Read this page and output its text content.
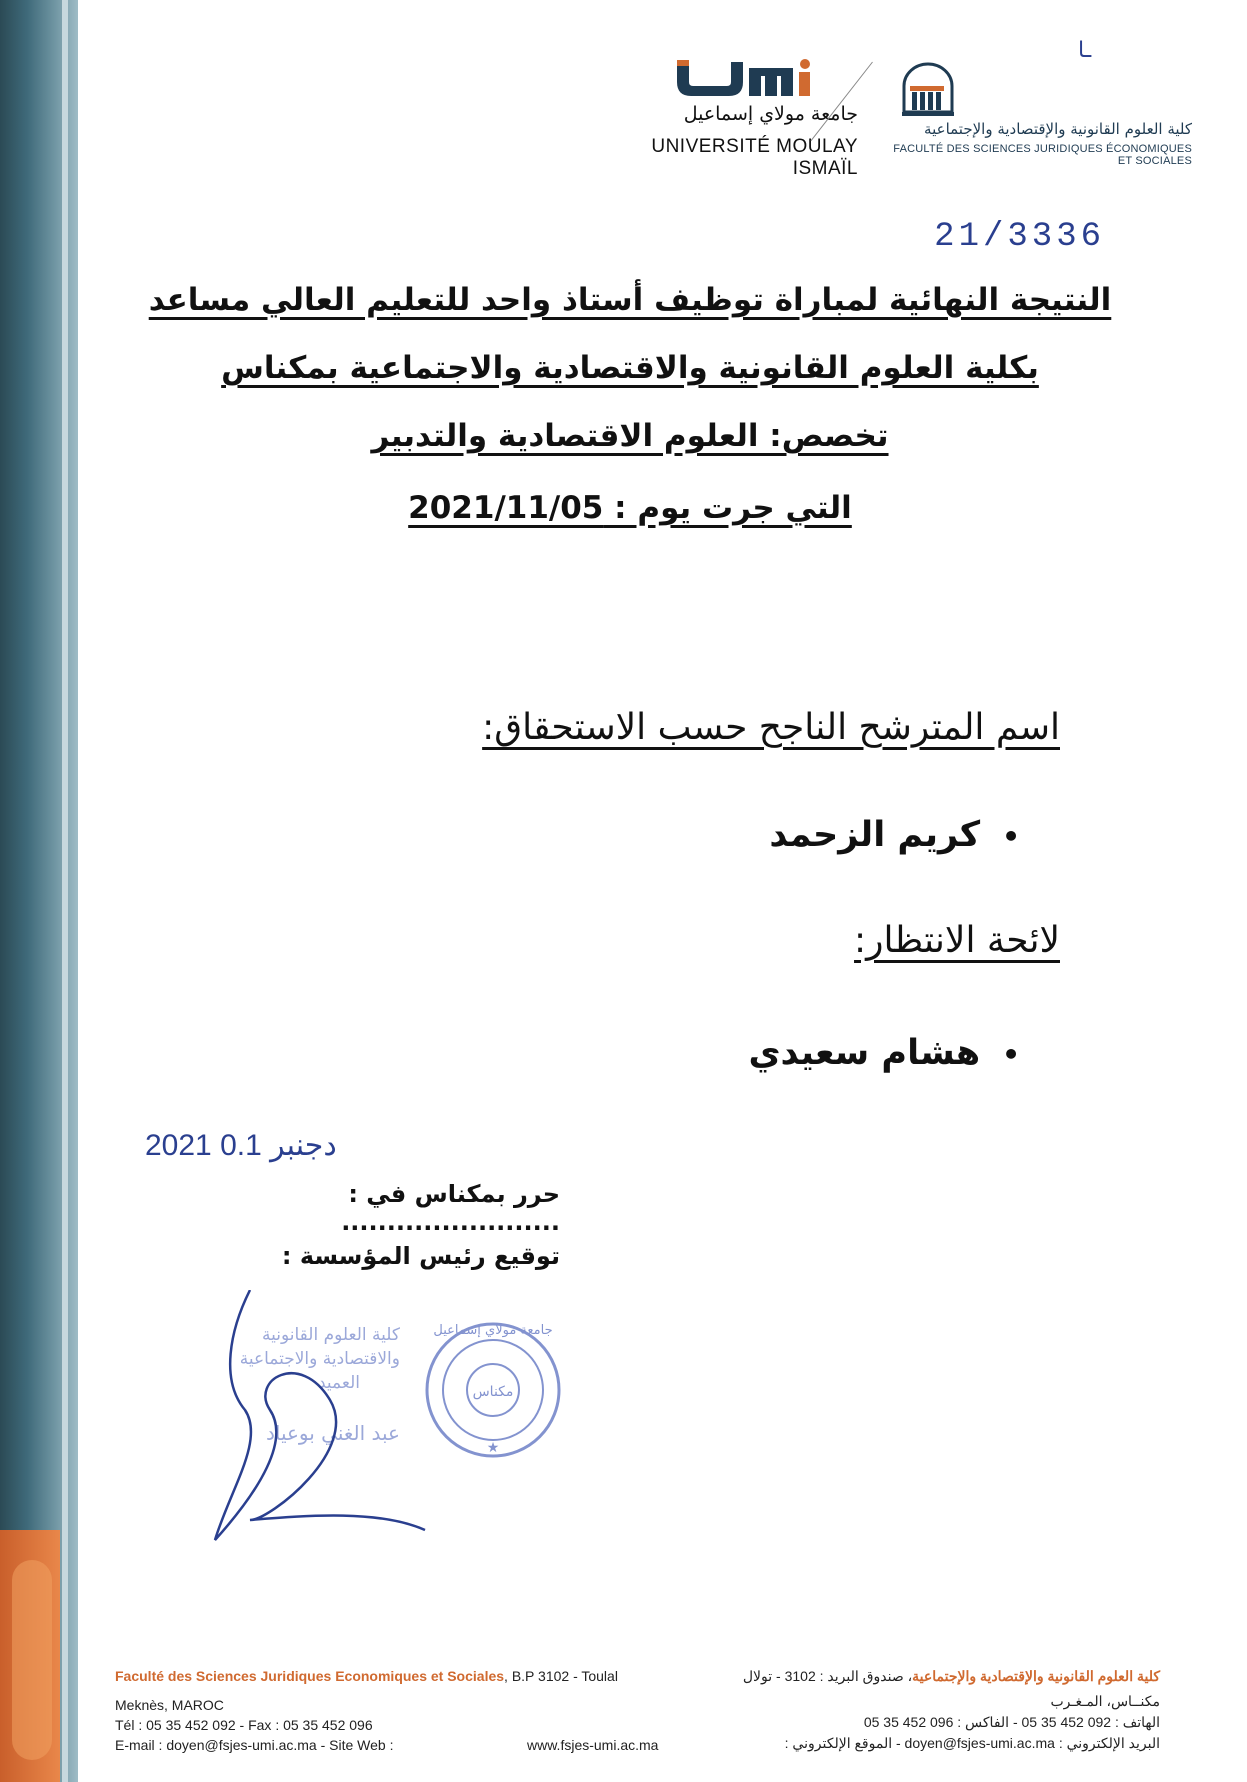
جامعة مولاي إسماعيل
UNIVERSITÉ MOULAY ISMAÏL
كلية العلوم القانونية والإقتصادية والإجتماعية
FACULTÉ DES SCIENCES JURIDIQUES ÉCONOMIQUES ET SOCIALES
ـ‏ا
21/3336
النتيجة النهائية لمباراة توظيف أستاذ واحد للتعليم العالي مساعد
بكلية العلوم القانونية والاقتصادية والاجتماعية بمكناس
تخصص: العلوم الاقتصادية والتدبير
التي جرت يوم : 2021/11/05
اسم المترشح الناجح حسب الاستحقاق:
•كريم الزحمد
لائحة الانتظار:
•هشام سعيدي
2021 دجنبر 0.1
حرر بمكناس في : ........................
توقيع رئيس المؤسسة :
مكناس
جامعة مولاي إسماعيل
★
كلية العلوم القانونية
والاقتصادية والاجتماعية
العميد
عبد الغني بوعياد
Faculté des Sciences Juridiques Economiques et Sociales, B.P 3102 - Toulal
Meknès, MAROC
Tél : 05 35 452 092 - Fax : 05 35 452 096
E-mail : doyen@fsjes-umi.ac.ma - Site Web :	www.fsjes-umi.ac.ma
كلية العلوم القانونية والإقتصادية والإجتماعية، صندوق البريد : 3102 - تولال
مكنــاس، المـغـرب
الهاتف : 092 452 35 05 - الفاكس : 096 452 35 05
البريد الإلكتروني : doyen@fsjes-umi.ac.ma - الموقع الإلكتروني :
